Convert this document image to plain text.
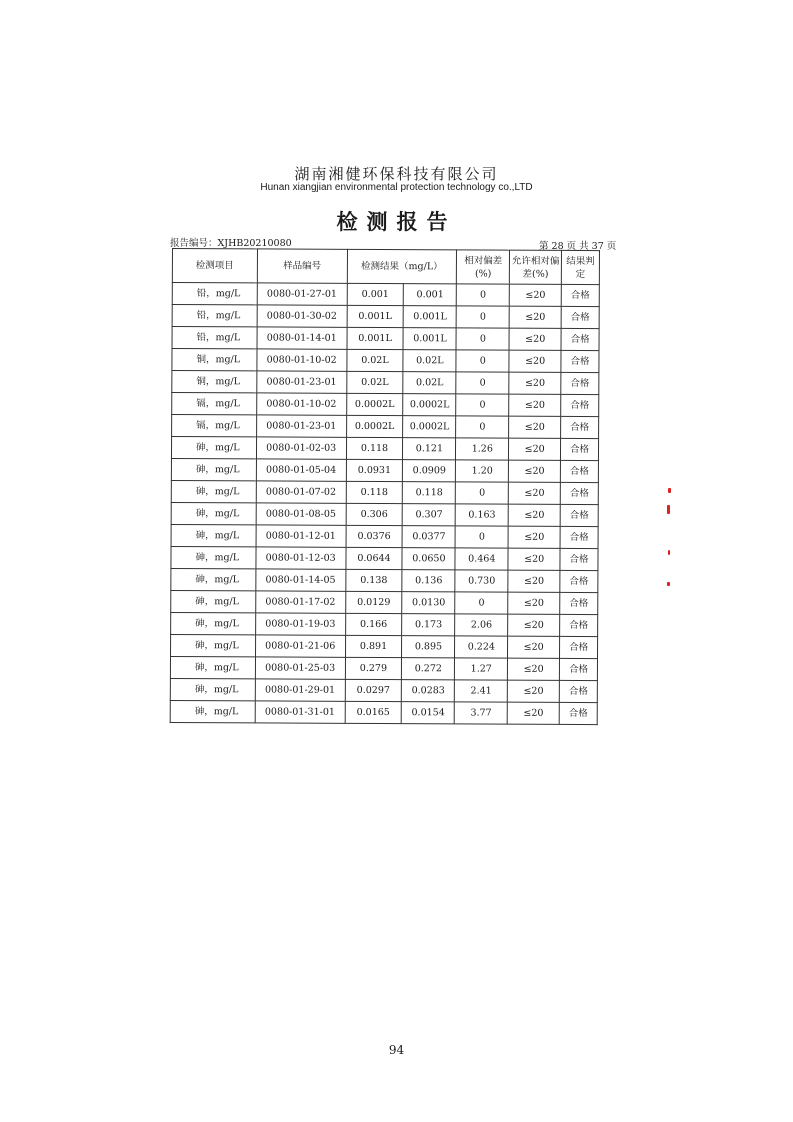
湖南湘健环保科技有限公司
Hunan xiangjian environmental protection technology co.,LTD
检测报告
报告编号：XJHB20210080	第 28 页 共 37 页
检测项目	样品编号	检测结果（mg/L）		相对偏差(%)	允许相对偏差(%)	结果判定
铅，mg/L	0080-01-27-01	0.001	0.001	0	≤20	合格
铅，mg/L	0080-01-30-02	0.001L	0.001L	0	≤20	合格
铅，mg/L	0080-01-14-01	0.001L	0.001L	0	≤20	合格
铜，mg/L	0080-01-10-02	0.02L	0.02L	0	≤20	合格
铜，mg/L	0080-01-23-01	0.02L	0.02L	0	≤20	合格
镉，mg/L	0080-01-10-02	0.0002L	0.0002L	0	≤20	合格
镉，mg/L	0080-01-23-01	0.0002L	0.0002L	0	≤20	合格
砷，mg/L	0080-01-02-03	0.118	0.121	1.26	≤20	合格
砷，mg/L	0080-01-05-04	0.0931	0.0909	1.20	≤20	合格
砷，mg/L	0080-01-07-02	0.118	0.118	0	≤20	合格
砷，mg/L	0080-01-08-05	0.306	0.307	0.163	≤20	合格
砷，mg/L	0080-01-12-01	0.0376	0.0377	0	≤20	合格
砷，mg/L	0080-01-12-03	0.0644	0.0650	0.464	≤20	合格
砷，mg/L	0080-01-14-05	0.138	0.136	0.730	≤20	合格
砷，mg/L	0080-01-17-02	0.0129	0.0130	0	≤20	合格
砷，mg/L	0080-01-19-03	0.166	0.173	2.06	≤20	合格
砷，mg/L	0080-01-21-06	0.891	0.895	0.224	≤20	合格
砷，mg/L	0080-01-25-03	0.279	0.272	1.27	≤20	合格
砷，mg/L	0080-01-29-01	0.0297	0.0283	2.41	≤20	合格
砷，mg/L	0080-01-31-01	0.0165	0.0154	3.77	≤20	合格
94
